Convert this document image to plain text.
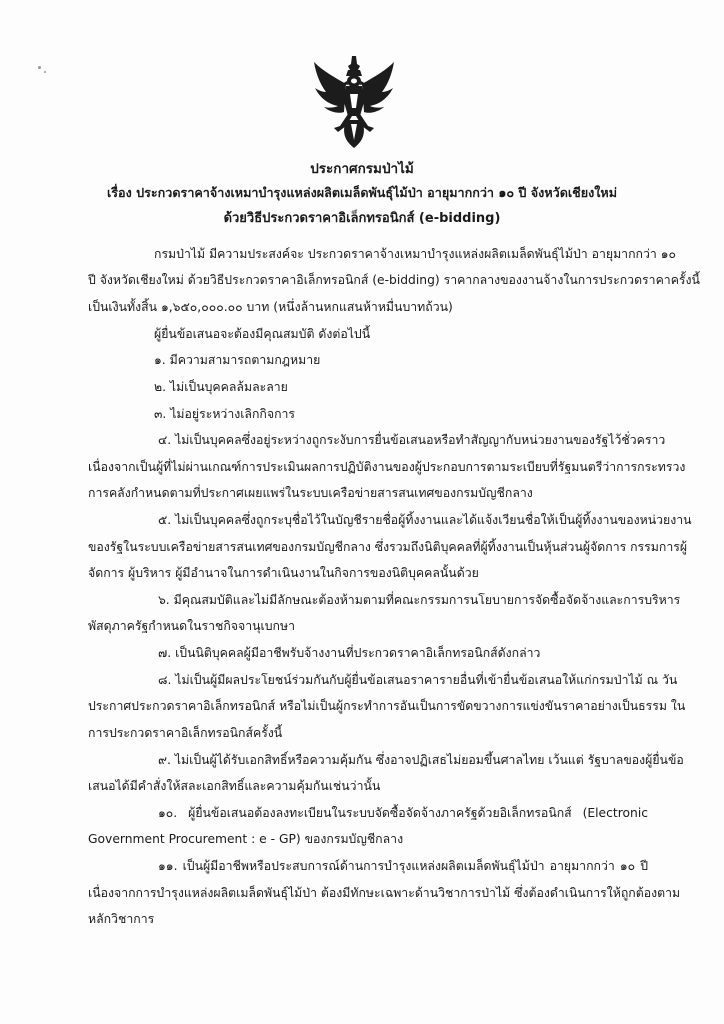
ประกาศกรมป่าไม้
เรื่อง ประกวดราคาจ้างเหมาบำรุงแหล่งผลิตเมล็ดพันธุ์ไม้ป่า อายุมากกว่า ๑๐ ปี จังหวัดเชียงใหม่
ด้วยวิธีประกวดราคาอิเล็กทรอนิกส์ (e-bidding)
กรมป่าไม้ มีความประสงค์จะ ประกวดราคาจ้างเหมาบำรุงแหล่งผลิตเมล็ดพันธุ์ไม้ป่า อายุมากกว่า ๑๐
ปี จังหวัดเชียงใหม่ ด้วยวิธีประกวดราคาอิเล็กทรอนิกส์ (e-bidding) ราคากลางของงานจ้างในการประกวดราคาครั้งนี้
เป็นเงินทั้งสิ้น ๑,๖๕๐,๐๐๐.๐๐ บาท (หนึ่งล้านหกแสนห้าหมื่นบาทถ้วน)
ผู้ยื่นข้อเสนอจะต้องมีคุณสมบัติ ดังต่อไปนี้
๑. มีความสามารถตามกฎหมาย
๒. ไม่เป็นบุคคลล้มละลาย
๓. ไม่อยู่ระหว่างเลิกกิจการ
๔. ไม่เป็นบุคคลซึ่งอยู่ระหว่างถูกระงับการยื่นข้อเสนอหรือทำสัญญากับหน่วยงานของรัฐไว้ชั่วคราว
เนื่องจากเป็นผู้ที่ไม่ผ่านเกณฑ์การประเมินผลการปฏิบัติงานของผู้ประกอบการตามระเบียบที่รัฐมนตรีว่าการกระทรวง
การคลังกำหนดตามที่ประกาศเผยแพร่ในระบบเครือข่ายสารสนเทศของกรมบัญชีกลาง
๕. ไม่เป็นบุคคลซึ่งถูกระบุชื่อไว้ในบัญชีรายชื่อผู้ทิ้งงานและได้แจ้งเวียนชื่อให้เป็นผู้ทิ้งงานของหน่วยงาน
ของรัฐในระบบเครือข่ายสารสนเทศของกรมบัญชีกลาง ซึ่งรวมถึงนิติบุคคลที่ผู้ทิ้งงานเป็นหุ้นส่วนผู้จัดการ กรรมการผู้
จัดการ ผู้บริหาร ผู้มีอำนาจในการดำเนินงานในกิจการของนิติบุคคลนั้นด้วย
๖. มีคุณสมบัติและไม่มีลักษณะต้องห้ามตามที่คณะกรรมการนโยบายการจัดซื้อจัดจ้างและการบริหาร
พัสดุภาครัฐกำหนดในราชกิจจานุเบกษา
๗. เป็นนิติบุคคลผู้มีอาชีพรับจ้างงานที่ประกวดราคาอิเล็กทรอนิกส์ดังกล่าว
๘. ไม่เป็นผู้มีผลประโยชน์ร่วมกันกับผู้ยื่นข้อเสนอราคารายอื่นที่เข้ายื่นข้อเสนอให้แก่กรมป่าไม้ ณ วัน
ประกาศประกวดราคาอิเล็กทรอนิกส์ หรือไม่เป็นผู้กระทำการอันเป็นการขัดขวางการแข่งขันราคาอย่างเป็นธรรม ใน
การประกวดราคาอิเล็กทรอนิกส์ครั้งนี้
๙. ไม่เป็นผู้ได้รับเอกสิทธิ์หรือความคุ้มกัน ซึ่งอาจปฏิเสธไม่ยอมขึ้นศาลไทย เว้นแต่ รัฐบาลของผู้ยื่นข้อ
เสนอได้มีคำสั่งให้สละเอกสิทธิ์และความคุ้มกันเช่นว่านั้น
๑๐. ผู้ยื่นข้อเสนอต้องลงทะเบียนในระบบจัดซื้อจัดจ้างภาครัฐด้วยอิเล็กทรอนิกส์ (Electronic
Government Procurement : e - GP) ของกรมบัญชีกลาง
๑๑. เป็นผู้มีอาชีพหรือประสบการณ์ด้านการบำรุงแหล่งผลิตเมล็ดพันธุ์ไม้ป่า อายุมากกว่า ๑๐ ปี
เนื่องจากการบำรุงแหล่งผลิตเมล็ดพันธุ์ไม้ป่า ต้องมีทักษะเฉพาะด้านวิชาการป่าไม้ ซึ่งต้องดำเนินการให้ถูกต้องตาม
หลักวิชาการ
